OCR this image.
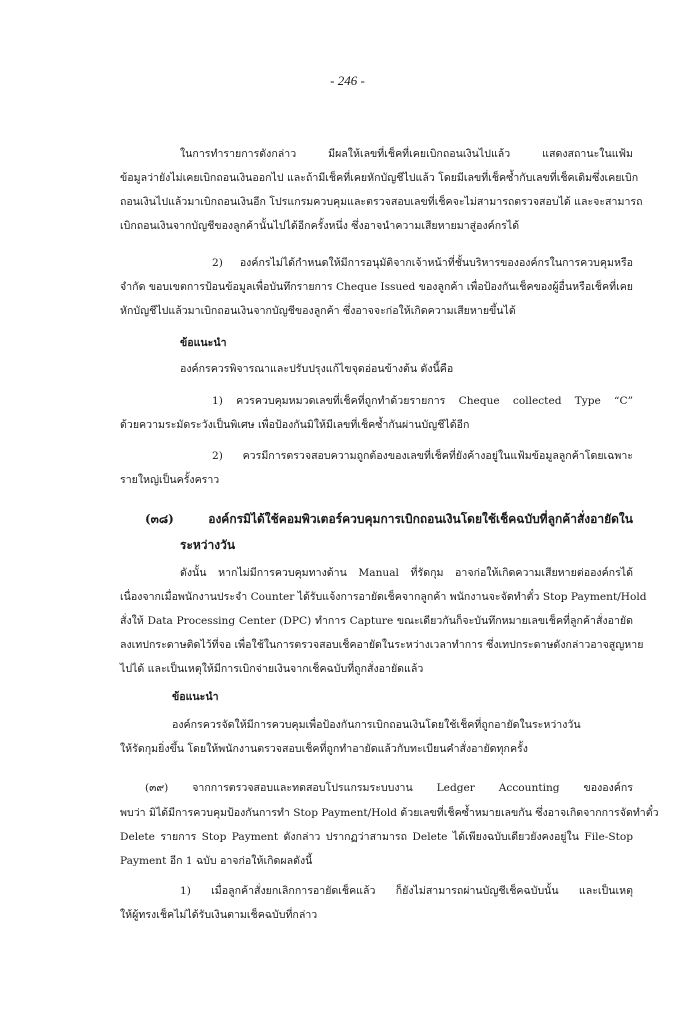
- 246 -
ในการทำรายการดังกล่าว มีผลให้เลขที่เช็คที่เคยเบิกถอนเงินไปแล้ว แสดงสถานะในแฟ้ม
ข้อมูลว่ายังไม่เคยเบิกถอนเงินออกไป และถ้ามีเช็คที่เคยหักบัญชีไปแล้ว โดยมีเลขที่เช็คซ้ำกับเลขที่เช็คเดิมซึ่งเคยเบิก
ถอนเงินไปแล้วมาเบิกถอนเงินอีก โปรแกรมควบคุมและตรวจสอบเลขที่เช็คจะไม่สามารถตรวจสอบได้ และจะสามารถ
เบิกถอนเงินจากบัญชีของลูกค้านั้นไปได้อีกครั้งหนึ่ง ซึ่งอาจนำความเสียหายมาสู่องค์กรได้
2) องค์กรไม่ได้กำหนดให้มีการอนุมัติจากเจ้าหน้าที่ชั้นบริหารขององค์กรในการควบคุมหรือ
จำกัด ขอบเขตการป้อนข้อมูลเพื่อบันทึกรายการ Cheque Issued ของลูกค้า เพื่อป้องกันเช็คของผู้อื่นหรือเช็คที่เคย
หักบัญชีไปแล้วมาเบิกถอนเงินจากบัญชีของลูกค้า ซึ่งอาจจะก่อให้เกิดความเสียหายขึ้นได้
ข้อแนะนำ
องค์กรควรพิจารณาและปรับปรุงแก้ไขจุดอ่อนข้างต้น ดังนี้คือ
1) ควรควบคุมหมวดเลขที่เช็คที่ถูกทำด้วยรายการ Cheque collected Type “C”
ด้วยความระมัดระวังเป็นพิเศษ เพื่อป้องกันมิให้มีเลขที่เช็คซ้ำกันผ่านบัญชีได้อีก
2) ควรมีการตรวจสอบความถูกต้องของเลขที่เช็คที่ยังค้างอยู่ในแฟ้มข้อมูลลูกค้าโดยเฉพาะ
รายใหญ่เป็นครั้งคราว
(๓๘) องค์กรมิได้ใช้คอมพิวเตอร์ควบคุมการเบิกถอนเงินโดยใช้เช็คฉบับที่ลูกค้าสั่งอายัดใน
ระหว่างวัน
ดังนั้น หากไม่มีการควบคุมทางด้าน Manual ที่รัดกุม อาจก่อให้เกิดความเสียหายต่อองค์กรได้
เนื่องจากเมื่อพนักงานประจำ Counter ได้รับแจ้งการอายัดเช็คจากลูกค้า พนักงานจะจัดทำตั๋ว Stop Payment/Hold
สั่งให้ Data Processing Center (DPC) ทำการ Capture ขณะเดียวกันก็จะบันทึกหมายเลขเช็คที่ลูกค้าสั่งอายัด
ลงเทปกระดาษติดไว้ที่จอ เพื่อใช้ในการตรวจสอบเช็คอายัดในระหว่างเวลาทำการ ซึ่งเทปกระดาษดังกล่าวอาจสูญหาย
ไปได้ และเป็นเหตุให้มีการเบิกจ่ายเงินจากเช็คฉบับที่ถูกสั่งอายัดแล้ว
ข้อแนะนำ
องค์กรควรจัดให้มีการควบคุมเพื่อป้องกันการเบิกถอนเงินโดยใช้เช็คที่ถูกอายัดในระหว่างวัน
ให้รัดกุมยิ่งขึ้น โดยให้พนักงานตรวจสอบเช็คที่ถูกทำอายัดแล้วกับทะเบียนคำสั่งอายัดทุกครั้ง
(๓๙) จากการตรวจสอบและทดสอบโปรแกรมระบบงาน Ledger Accounting ขององค์กร
พบว่า มิได้มีการควบคุมป้องกันการทำ Stop Payment/Hold ด้วยเลขที่เช็คซ้ำหมายเลขกัน ซึ่งอาจเกิดจากการจัดทำตั๋ว
Delete รายการ Stop Payment ดังกล่าว ปรากฏว่าสามารถ Delete ได้เพียงฉบับเดียวยังคงอยู่ใน File-Stop
Payment อีก 1 ฉบับ อาจก่อให้เกิดผลดังนี้
1) เมื่อลูกค้าสั่งยกเลิกการอายัดเช็คแล้ว ก็ยังไม่สามารถผ่านบัญชีเช็คฉบับนั้น และเป็นเหตุ
ให้ผู้ทรงเช็คไม่ได้รับเงินตามเช็คฉบับที่กล่าว
